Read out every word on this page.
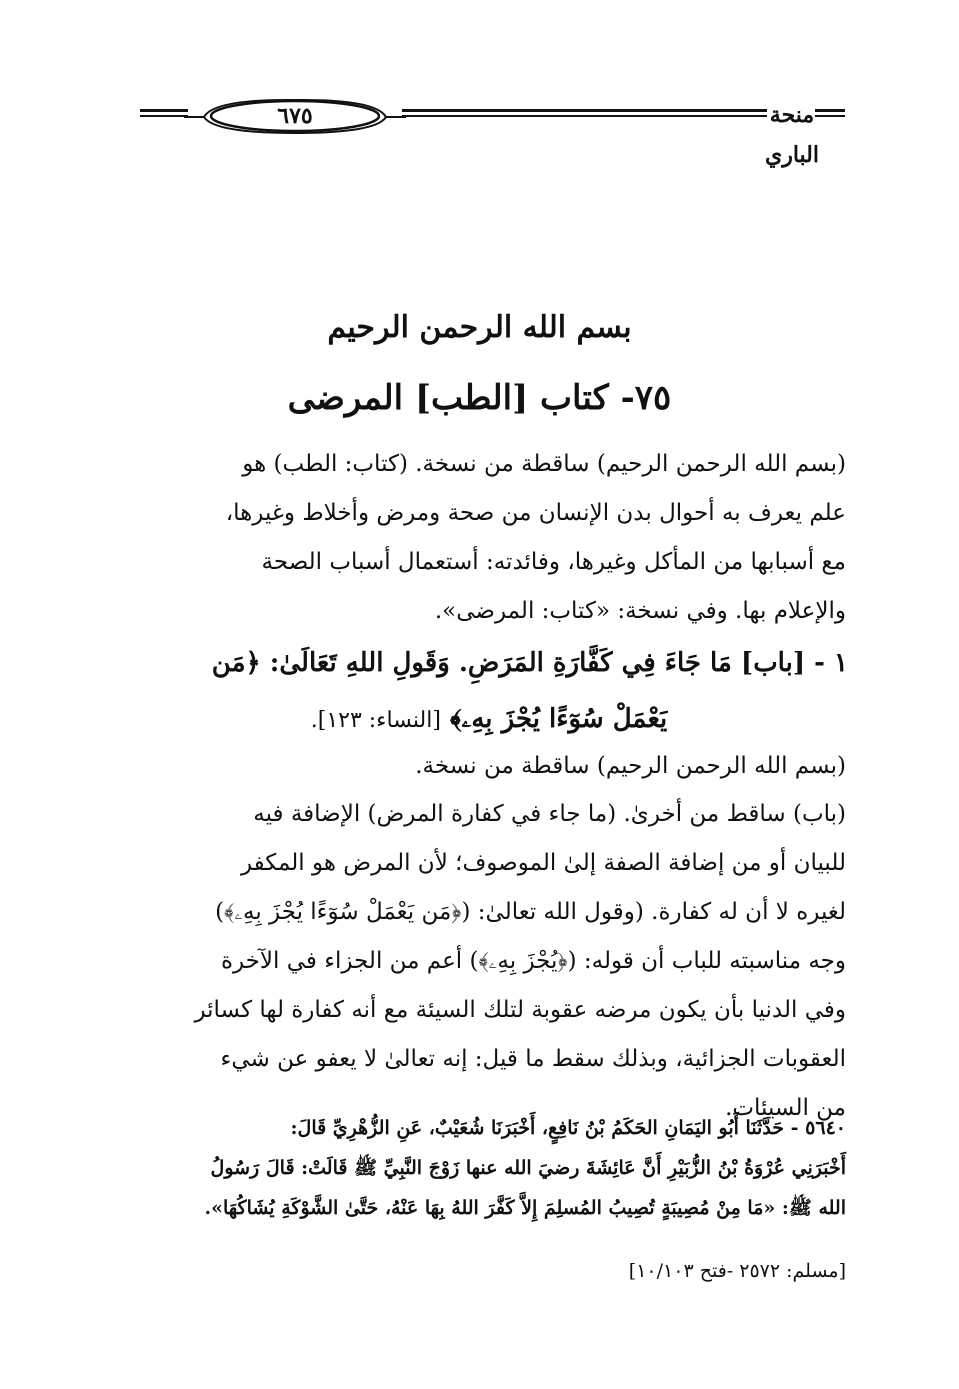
٦٧٥	منحة الباري
بسم الله الرحمن الرحيم
٧٥- كتاب [الطب] المرضى
(بسم الله الرحمن الرحيم) ساقطة من نسخة. (كتاب: الطب) هو
علم يعرف به أحوال بدن الإنسان من صحة ومرض وأخلاط وغيرها،
مع أسبابها من المأكل وغيرها، وفائدته: أستعمال أسباب الصحة
والإعلام بها. وفي نسخة: «كتاب: المرضى».
١ - [باب] مَا جَاءَ فِي كَفَّارَةِ المَرَضِ. وَقَولِ اللهِ تَعَالَىٰ: ﴿مَن
يَعْمَلْ سُوٓءًا يُجْزَ بِهِۦ﴾ [النساء: ١٢٣].
(بسم الله الرحمن الرحيم) ساقطة من نسخة.
(باب) ساقط من أخرىٰ. (ما جاء في كفارة المرض) الإضافة فيه
للبيان أو من إضافة الصفة إلىٰ الموصوف؛ لأن المرض هو المكفر
لغيره لا أن له كفارة. (وقول الله تعالىٰ: (﴿مَن يَعْمَلْ سُوٓءًا يُجْزَ بِهِۦ﴾)
وجه مناسبته للباب أن قوله: (﴿يُجْزَ بِهِۦ﴾) أعم من الجزاء في الآخرة
وفي الدنيا بأن يكون مرضه عقوبة لتلك السيئة مع أنه كفارة لها كسائر
العقوبات الجزائية، وبذلك سقط ما قيل: إنه تعالىٰ لا يعفو عن شيء
من السيئات.
٥٦٤٠ - حَدَّثَنَا أَبُو اليَمَانِ الحَكَمُ بْنُ نَافِعٍ، أَخْبَرَنَا شُعَيْبٌ، عَنِ الزُّهْرِيِّ قَالَ:
أَخْبَرَنِي عُرْوَةُ بْنُ الزُّبَيْرِ أَنَّ عَائِشَةَ رضيَ الله عنها زَوْجَ النَّبِيِّ ﷺ قَالَتْ: قَالَ رَسُولُ
الله ﷺ: «مَا مِنْ مُصِيبَةٍ تُصِيبُ المُسلِمَ إِلاَّ كَفَّرَ اللهُ بِهَا عَنْهُ، حَتَّىٰ الشَّوْكَةِ يُشَاكُهَا».
[مسلم: ٢٥٧٢ -فتح ١٠/١٠٣]
